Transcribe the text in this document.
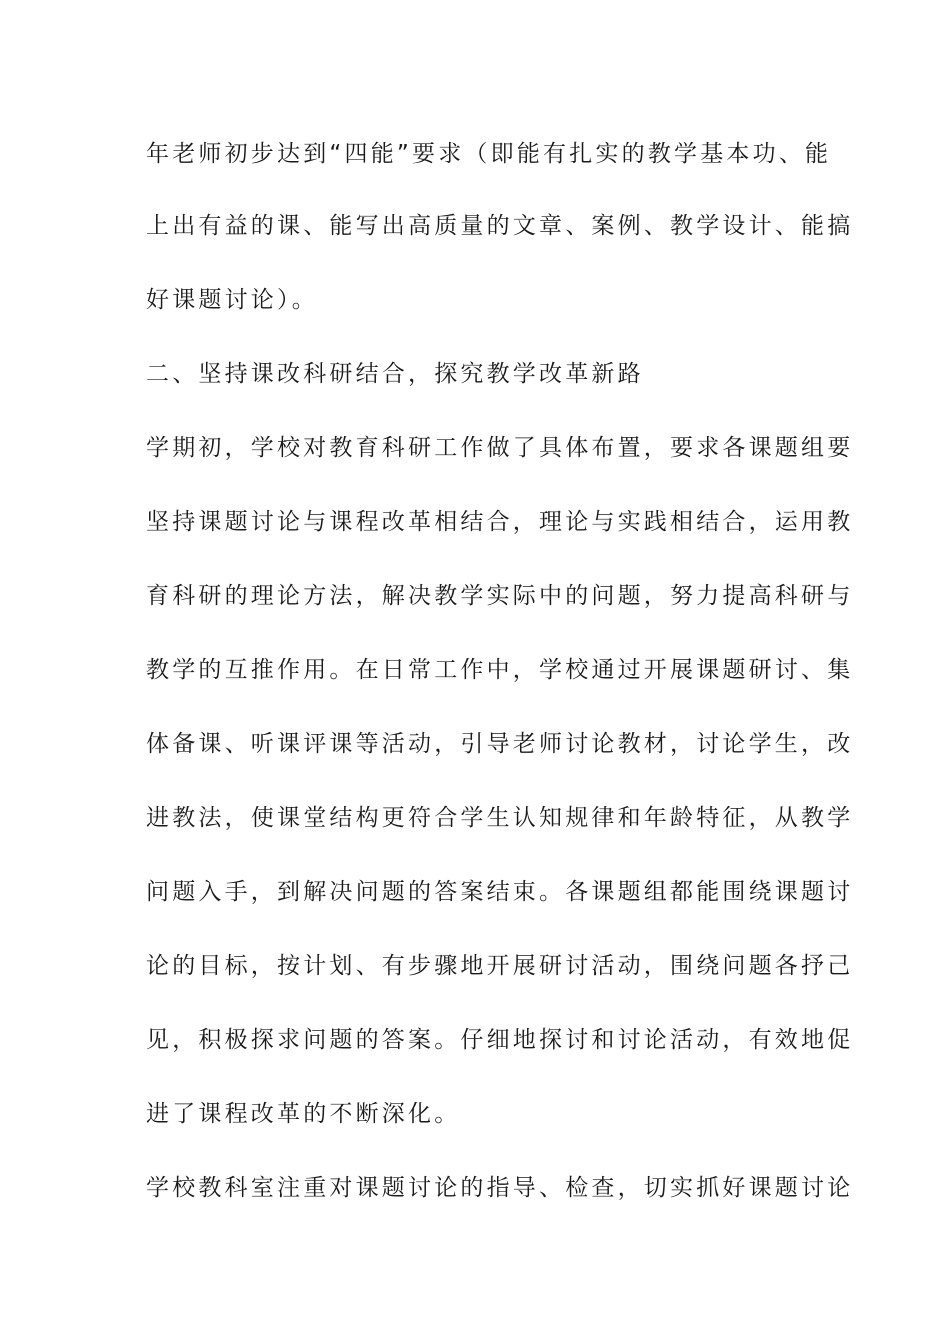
年老师初步达到“四能”要求（即能有扎实的教学基本功、能
上出有益的课、能写出高质量的文章、案例、教学设计、能搞
好课题讨论）。
二、坚持课改科研结合，探究教学改革新路
学期初，学校对教育科研工作做了具体布置，要求各课题组要
坚持课题讨论与课程改革相结合，理论与实践相结合，运用教
育科研的理论方法，解决教学实际中的问题，努力提高科研与
教学的互推作用。在日常工作中，学校通过开展课题研讨、集
体备课、听课评课等活动，引导老师讨论教材，讨论学生，改
进教法，使课堂结构更符合学生认知规律和年龄特征，从教学
问题入手，到解决问题的答案结束。各课题组都能围绕课题讨
论的目标，按计划、有步骤地开展研讨活动，围绕问题各抒己
见，积极探求问题的答案。仔细地探讨和讨论活动，有效地促
进了课程改革的不断深化。
学校教科室注重对课题讨论的指导、检查，切实抓好课题讨论
